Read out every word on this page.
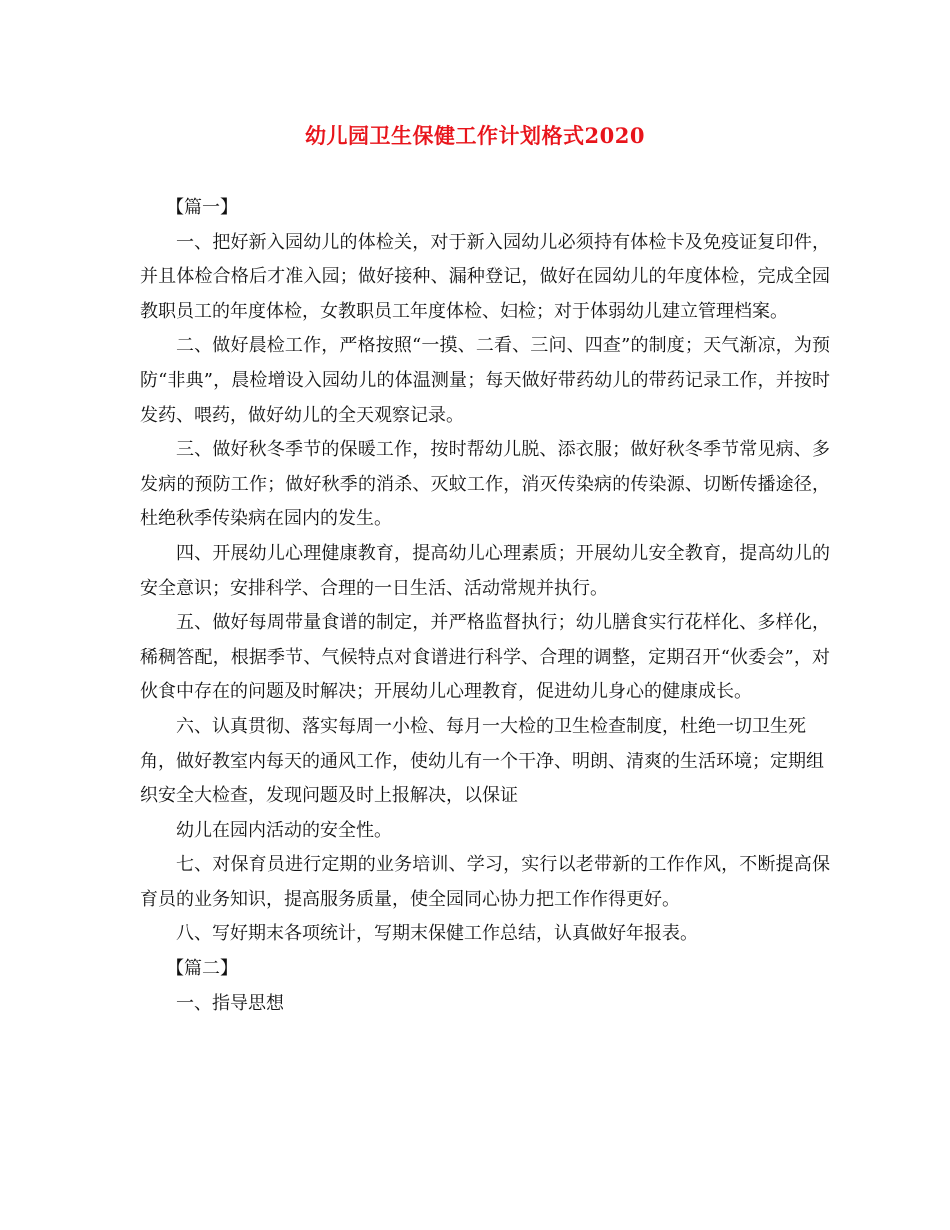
幼儿园卫生保健工作计划格式2020

【篇一】

一、把好新入园幼儿的体检关，对于新入园幼儿必须持有体检卡及免疫证复印件，并且体检合格后才准入园；做好接种、漏种登记，做好在园幼儿的年度体检，完成全园教职员工的年度体检，女教职员工年度体检、妇检；对于体弱幼儿建立管理档案。

二、做好晨检工作，严格按照“一摸、二看、三问、四查”的制度；天气渐凉，为预防“非典”，晨检增设入园幼儿的体温测量；每天做好带药幼儿的带药记录工作，并按时发药、喂药，做好幼儿的全天观察记录。

三、做好秋冬季节的保暖工作，按时帮幼儿脱、添衣服；做好秋冬季节常见病、多发病的预防工作；做好秋季的消杀、灭蚊工作，消灭传染病的传染源、切断传播途径，杜绝秋季传染病在园内的发生。

四、开展幼儿心理健康教育，提高幼儿心理素质；开展幼儿安全教育，提高幼儿的安全意识；安排科学、合理的一日生活、活动常规并执行。

五、做好每周带量食谱的制定，并严格监督执行；幼儿膳食实行花样化、多样化，稀稠答配，根据季节、气候特点对食谱进行科学、合理的调整，定期召开“伙委会”，对伙食中存在的问题及时解决；开展幼儿心理教育，促进幼儿身心的健康成长。

六、认真贯彻、落实每周一小检、每月一大检的卫生检查制度，杜绝一切卫生死角，做好教室内每天的通风工作，使幼儿有一个干净、明朗、清爽的生活环境；定期组织安全大检查，发现问题及时上报解决，以保证

幼儿在园内活动的安全性。

七、对保育员进行定期的业务培训、学习，实行以老带新的工作作风，不断提高保育员的业务知识，提高服务质量，使全园同心协力把工作作得更好。

八、写好期末各项统计，写期末保健工作总结，认真做好年报表。

【篇二】

一、指导思想
